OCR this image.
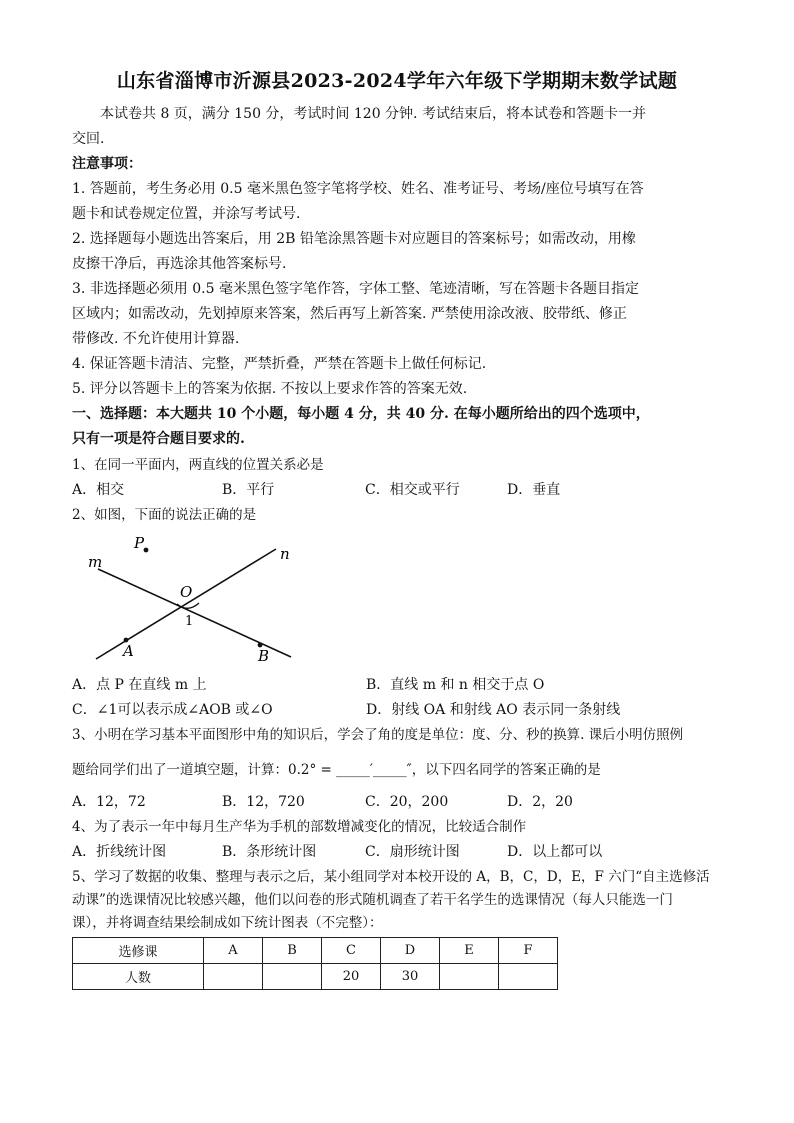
山东省淄博市沂源县2023-2024学年六年级下学期期末数学试题
本试卷共 8 页，满分 150 分，考试时间 120 分钟. 考试结束后，将本试卷和答题卡一并
交回.
注意事项：
1. 答题前，考生务必用 0.5 毫米黑色签字笔将学校、姓名、准考证号、考场/座位号填写在答
题卡和试卷规定位置，并涂写考试号.
2. 选择题每小题选出答案后，用 2B 铅笔涂黑答题卡对应题目的答案标号；如需改动，用橡
皮擦干净后，再选涂其他答案标号.
3. 非选择题必须用 0.5 毫米黑色签字笔作答，字体工整、笔迹清晰，写在答题卡各题目指定
区域内；如需改动，先划掉原来答案，然后再写上新答案. 严禁使用涂改液、胶带纸、修正
带修改. 不允许使用计算器.
4. 保证答题卡清洁、完整，严禁折叠，严禁在答题卡上做任何标记.
5. 评分以答题卡上的答案为依据. 不按以上要求作答的答案无效.
一、选择题：本大题共 10 个小题，每小题 4 分，共 40 分. 在每小题所给出的四个选项中，
只有一项是符合题目要求的.
1、在同一平面内，两直线的位置关系必是
A．相交	B．平行	C．相交或平行	D．垂直
2、如图，下面的说法正确的是
m	n
P
O
1
A	B
A．点 P 在直线 m 上	B．直线 m 和 n 相交于点 O
C．∠1可以表示成∠AOB 或∠O	D．射线 OA 和射线 AO 表示同一条射线
3、小明在学习基本平面图形中角的知识后，学会了角的度是单位：度、分、秒的换算. 课后小明仿照例
题给同学们出了一道填空题，计算：0.2° = _____′_____″，以下四名同学的答案正确的是
A．12，72	B．12，720	C．20，200	D．2，20
4、为了表示一年中每月生产华为手机的部数增减变化的情况，比较适合制作
A．折线统计图	B．条形统计图	C．扇形统计图	D．以上都可以
5、学习了数据的收集、整理与表示之后，某小组同学对本校开设的 A，B，C，D，E，F 六门“自主选修活
动课”的选课情况比较感兴趣，他们以问卷的形式随机调查了若干名学生的选课情况（每人只能选一门
课），并将调查结果绘制成如下统计图表（不完整）：
选修课	A	B	C	D	E	F
人数			20	30		
